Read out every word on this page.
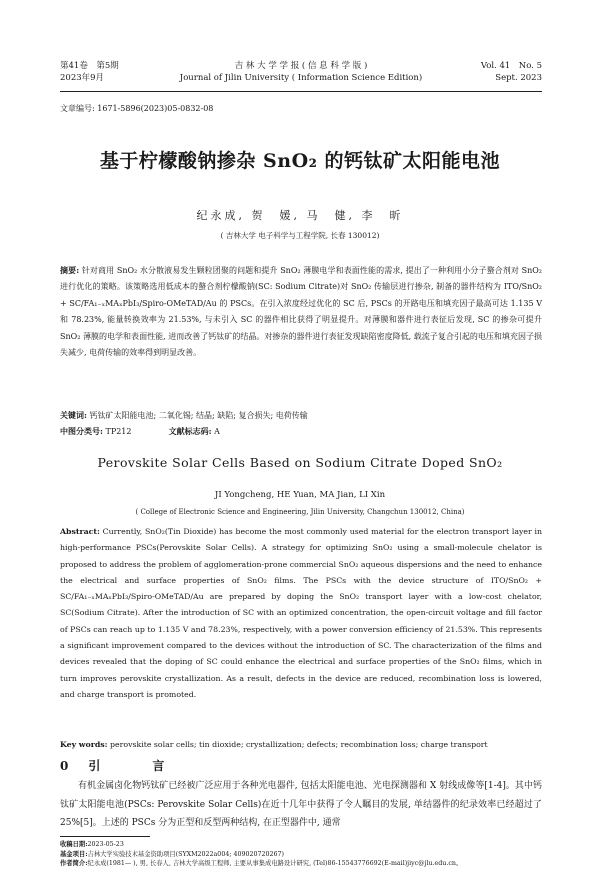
第41卷　第5期
2023年9月
吉 林 大 学 学 报 ( 信 息 科 学 版 )
Journal of Jilin University ( Information Science Edition)
Vol. 41　No. 5
Sept. 2023
文章编号: 1671-5896(2023)05-0832-08
基于柠檬酸钠掺杂 SnO₂ 的钙钛矿太阳能电池
纪永成, 贺　媛, 马　健, 李　昕
( 吉林大学 电子科学与工程学院, 长春 130012)
摘要: 针对商用 SnO₂ 水分散液易发生颗粒团聚的问题和提升 SnO₂ 薄膜电学和表面性能的需求, 提出了一种利用小分子螯合剂对 SnO₂ 进行优化的策略。该策略选用低成本的螯合剂柠檬酸钠(SC: Sodium Citrate)对 SnO₂ 传输层进行掺杂, 制备的器件结构为 ITO/SnO₂ + SC/FA₁₋ₓMAₓPbI₃/Spiro-OMeTAD/Au 的 PSCs。在引入浓度经过优化的 SC 后, PSCs 的开路电压和填充因子最高可达 1.135 V 和 78.23%, 能量转换效率为 21.53%, 与未引入 SC 的器件相比获得了明显提升。对薄膜和器件进行表征后发现, SC 的掺杂可提升 SnO₂ 薄膜的电学和表面性能, 进而改善了钙钛矿的结晶。对掺杂的器件进行表征发现缺陷密度降低, 载流子复合引起的电压和填充因子损失减少, 电荷传输的效率得到明显改善。
关键词: 钙钛矿太阳能电池; 二氧化锡; 结晶; 缺陷; 复合损失; 电荷传输
中图分类号: TP212	文献标志码: A
Perovskite Solar Cells Based on Sodium Citrate Doped SnO₂
JI Yongcheng, HE Yuan, MA Jian, LI Xin
( College of Electronic Science and Engineering, Jilin University, Changchun 130012, China)
Abstract: Currently, SnO₂(Tin Dioxide) has become the most commonly used material for the electron transport layer in high-performance PSCs(Perovskite Solar Cells). A strategy for optimizing SnO₂ using a small-molecule chelator is proposed to address the problem of agglomeration-prone commercial SnO₂ aqueous dispersions and the need to enhance the electrical and surface properties of SnO₂ films. The PSCs with the device structure of ITO/SnO₂ + SC/FA₁₋ₓMAₓPbI₃/Spiro-OMeTAD/Au are prepared by doping the SnO₂ transport layer with a low-cost chelator, SC(Sodium Citrate). After the introduction of SC with an optimized concentration, the open-circuit voltage and fill factor of PSCs can reach up to 1.135 V and 78.23%, respectively, with a power conversion efficiency of 21.53%. This represents a significant improvement compared to the devices without the introduction of SC. The characterization of the films and devices revealed that the doping of SC could enhance the electrical and surface properties of the SnO₂ films, which in turn improves perovskite crystallization. As a result, defects in the device are reduced, recombination loss is lowered, and charge transport is promoted.
Key words: perovskite solar cells; tin dioxide; crystallization; defects; recombination loss; charge transport
0引　言
有机金属卤化物钙钛矿已经被广泛应用于各种光电器件, 包括太阳能电池、光电探测器和 X 射线成像等[1-4]。其中钙钛矿太阳能电池(PSCs: Perovskite Solar Cells)在近十几年中获得了令人瞩目的发展, 单结器件的纪录效率已经超过了 25%[5]。上述的 PSCs 分为正型和反型两种结构, 在正型器件中, 通常
收稿日期:2023-05-23
基金项目:吉林大学实验技术基金资助项目(SYXM2022a004; 409020720267)
作者简介:纪永成(1981— ), 男, 长春人, 吉林大学高级工程师, 主要从事集成电路设计研究, (Tel)86-15543776692(E-mail)jiyc@jlu.edu.cn。
